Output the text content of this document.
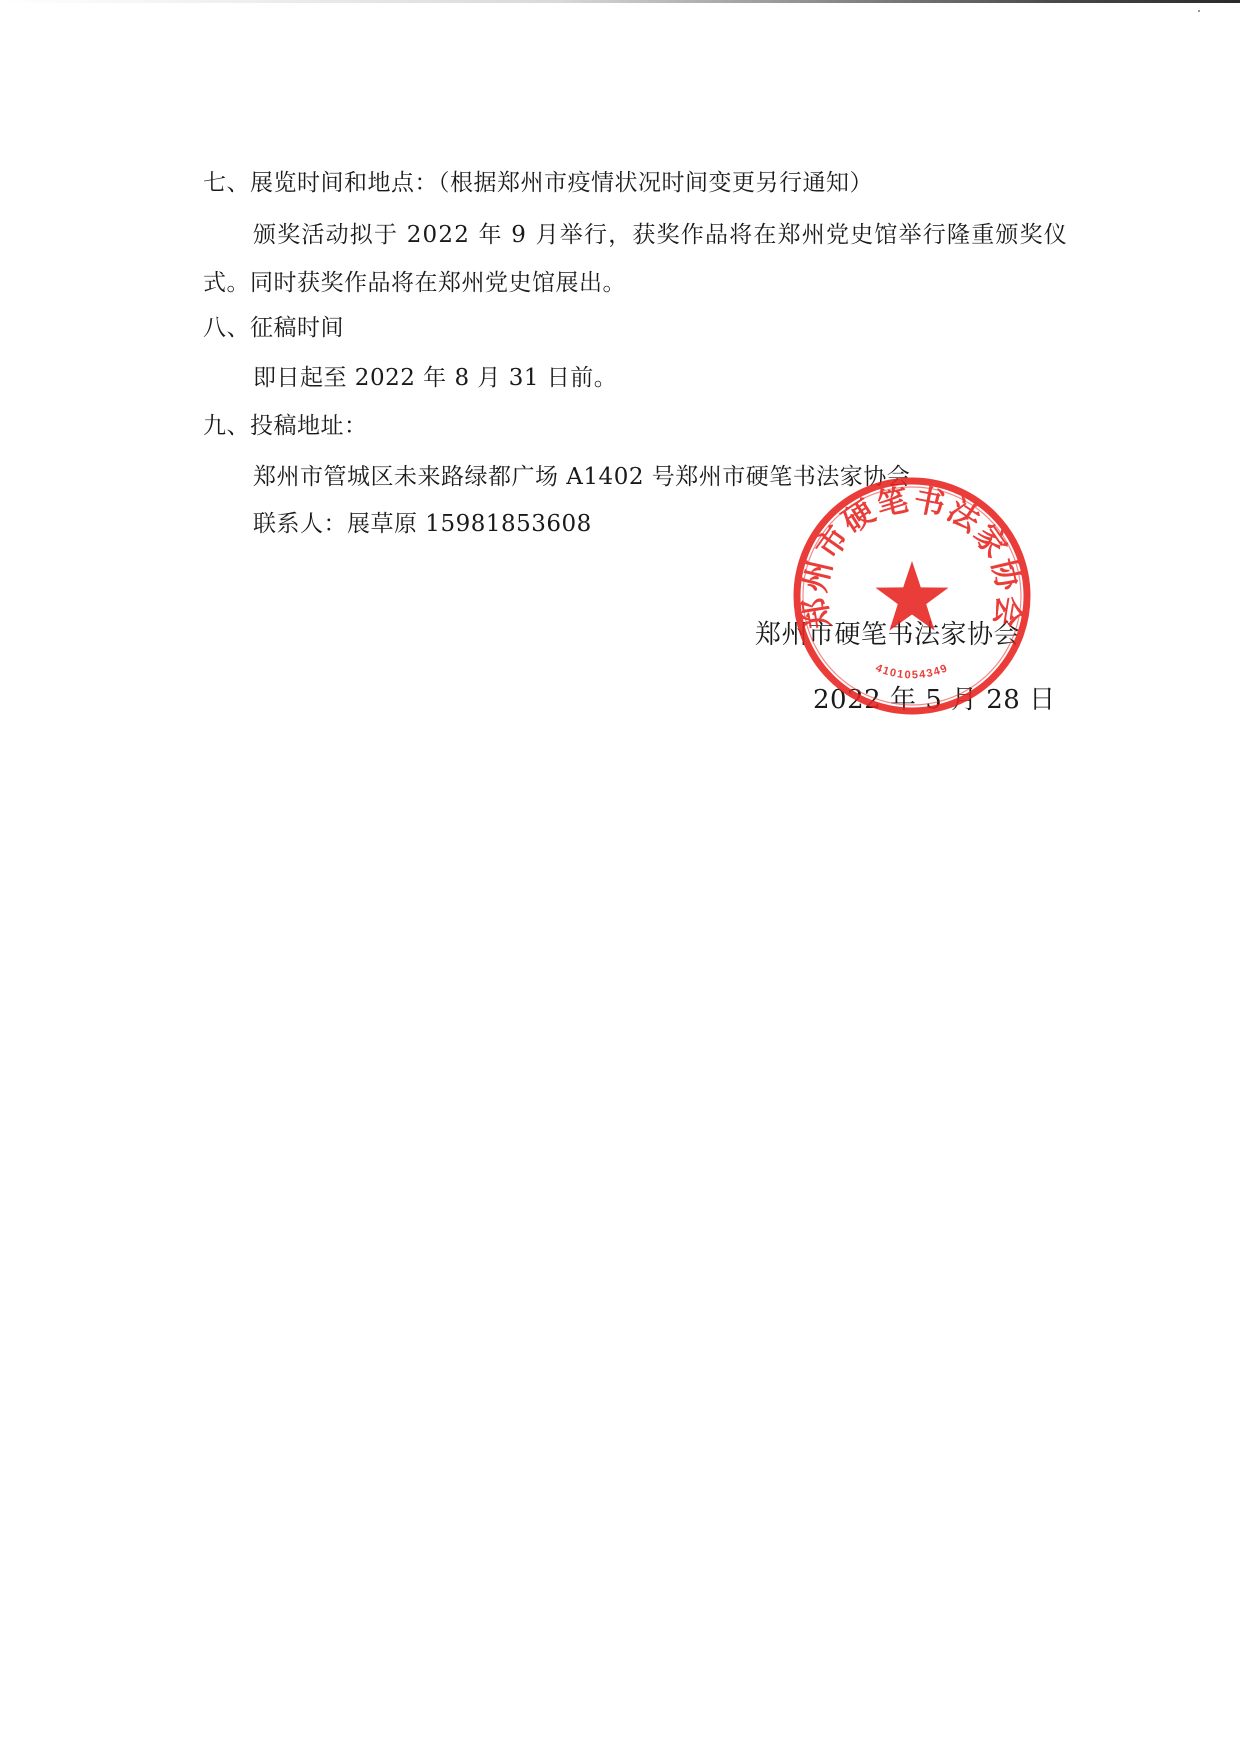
七、展览时间和地点：（根据郑州市疫情状况时间变更另行通知）
颁奖活动拟于 2022 年 9 月举行，获奖作品将在郑州党史馆举行隆重颁奖仪
式。同时获奖作品将在郑州党史馆展出。
八、征稿时间
即日起至 2022 年 8 月 31 日前。
九、投稿地址：
郑州市管城区未来路绿都广场 A1402 号郑州市硬笔书法家协会
联系人：展草原 15981853608
郑州市硬笔书法家协会
2022 年 5 月 28 日
郑州市硬笔书法家协会
4101054349
